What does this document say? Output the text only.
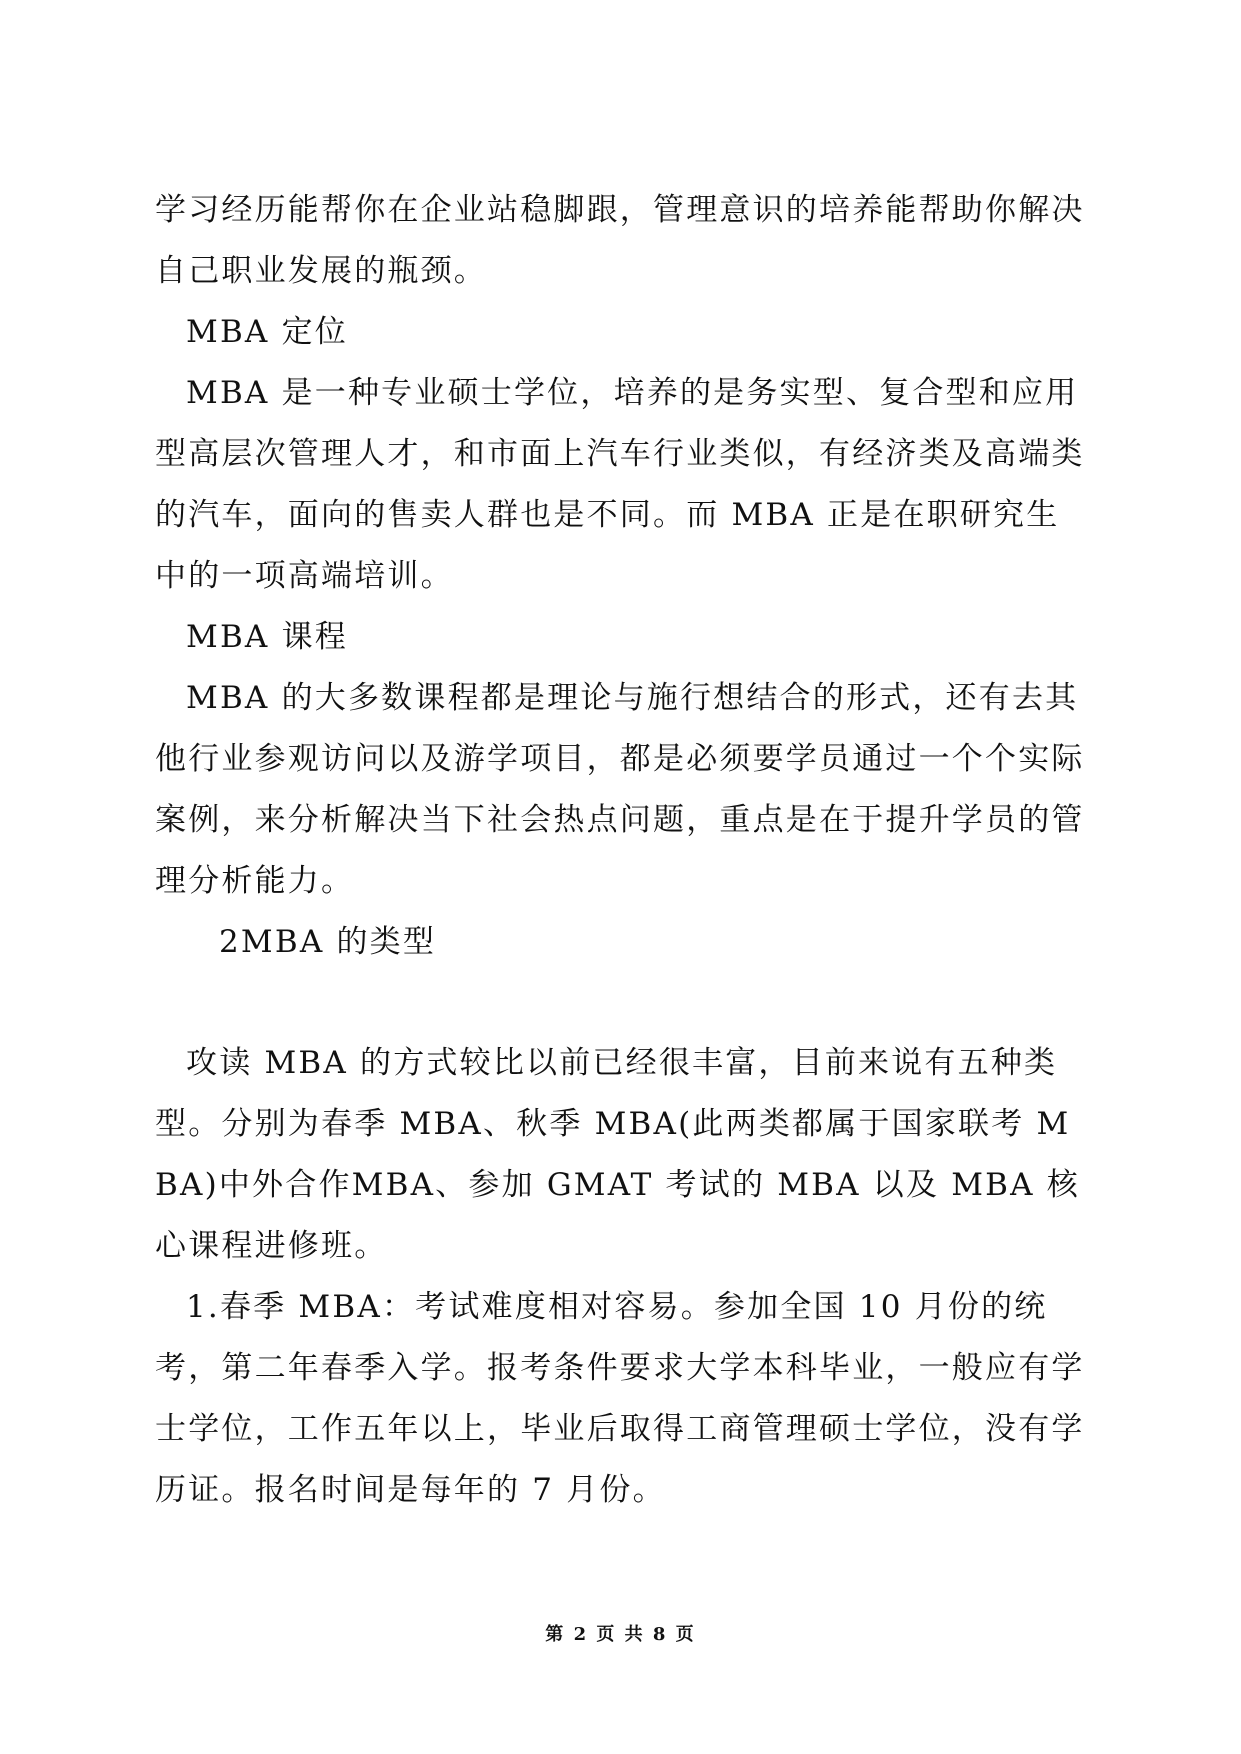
学习经历能帮你在企业站稳脚跟，管理意识的培养能帮助你解决自己职业发展的瓶颈。

MBA 定位

MBA 是一种专业硕士学位，培养的是务实型、复合型和应用型高层次管理人才，和市面上汽车行业类似，有经济类及高端类的汽车，面向的售卖人群也是不同。而 MBA 正是在职研究生中的一项高端培训。

MBA 课程

MBA 的大多数课程都是理论与施行想结合的形式，还有去其他行业参观访问以及游学项目，都是必须要学员通过一个个实际案例，来分析解决当下社会热点问题，重点是在于提升学员的管理分析能力。

2MBA 的类型

攻读 MBA 的方式较比以前已经很丰富，目前来说有五种类型。分别为春季 MBA、秋季 MBA(此两类都属于国家联考 MBA)中外合作MBA、参加 GMAT 考试的 MBA 以及 MBA 核心课程进修班。

1.春季 MBA：考试难度相对容易。参加全国 10 月份的统考，第二年春季入学。报考条件要求大学本科毕业，一般应有学士学位，工作五年以上，毕业后取得工商管理硕士学位，没有学历证。报名时间是每年的 7 月份。

第 2 页 共 8 页
